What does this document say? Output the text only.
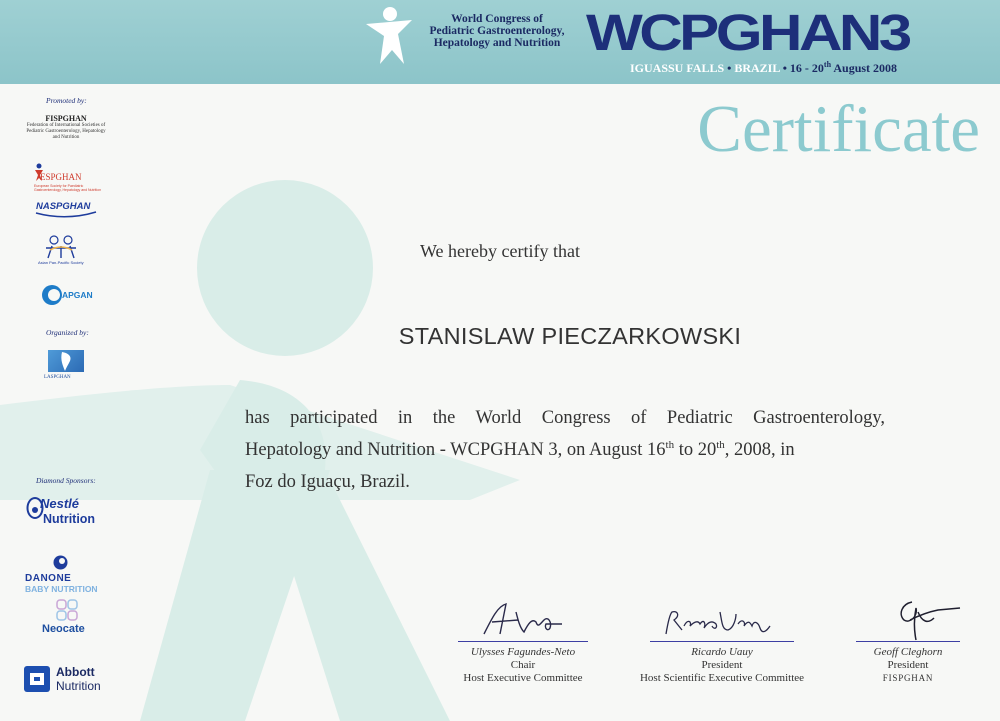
World Congress of
Pediatric Gastroenterology,
Hepatology and Nutrition WCPGHAN3
IGUASSU FALLS • BRAZIL • 16 - 20th August 2008
Certificate
Promoted by:
FISPGHAN
Federation of International Societies of Pediatric Gastroenterology, Hepatology and Nutrition
ESPGHAN
European Society for Paediatric Gastroenterology, Hepatology and Nutrition
NASPGHAN
Asian Pan-Pacific Society
APGAN
Organized by:
LASPGHAN
Diamond Sponsors:
Nestlé
Nutrition
DANONE
BABY NUTRITION
Neocate
Abbott
Nutrition
We hereby certify that
STANISLAW PIECZARKOWSKI
has participated in the World Congress of Pediatric Gastroenterology,
Hepatology and Nutrition - WCPGHAN 3, on August 16th to 20th, 2008, in
Foz do Iguaçu, Brazil.
Ulysses Fagundes-Neto
Chair
Host Executive Committee
Ricardo Uauy
President
Host Scientific Executive Committee
Geoff Cleghorn
President
FISPGHAN
